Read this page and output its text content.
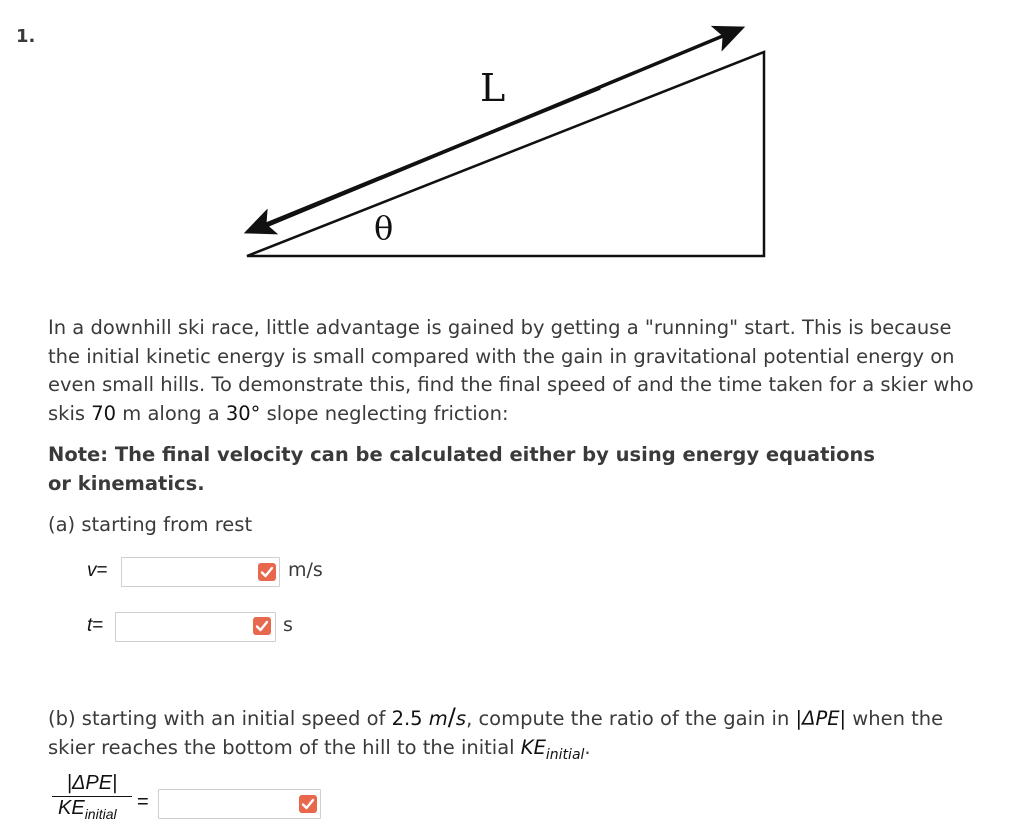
1.
L
θ
In a downhill ski race, little advantage is gained by getting a "running" start. This is because the initial kinetic energy is small compared with the gain in gravitational potential energy on even small hills. To demonstrate this, find the final speed of and the time taken for a skier who skis 70 m along a 30° slope neglecting friction:
Note: The final velocity can be calculated either by using energy equations or kinematics.
(a) starting from rest
v=	m/s
t=	s
(b) starting with an initial speed of 2.5 m/s, compute the ratio of the gain in |ΔPE| when the skier reaches the bottom of the hill to the initial $KE_{initial}$.
|ΔPE|
$KE_{initial}$
=
